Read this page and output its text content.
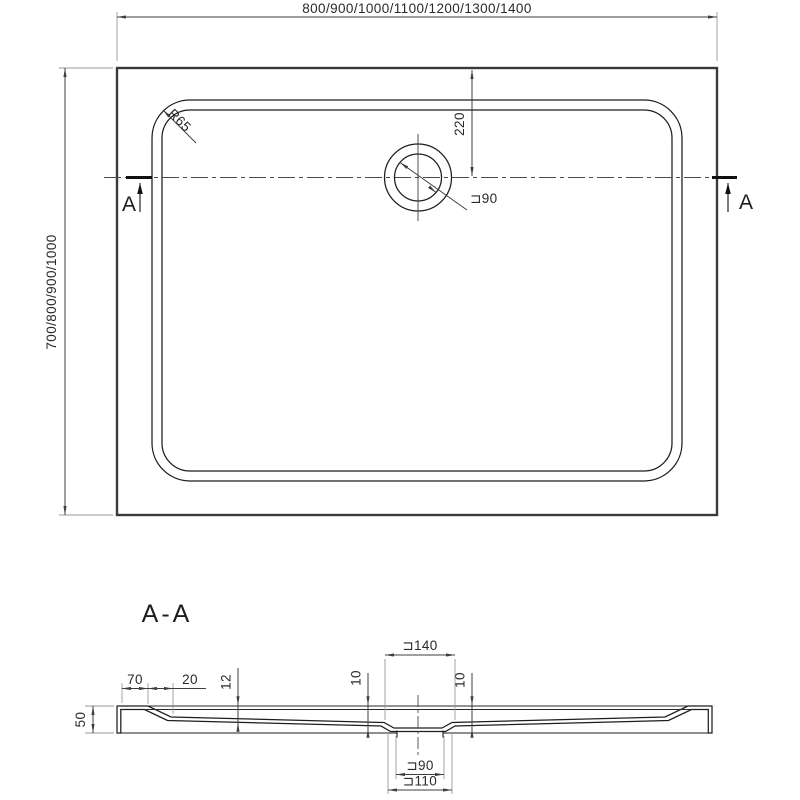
800/900/1000/1100/1200/1300/1400
700/800/900/1000
⊐90
220
R65
A	A
A-A
50
70	20 12	10	10
⊐140
⊐90
⊐110
